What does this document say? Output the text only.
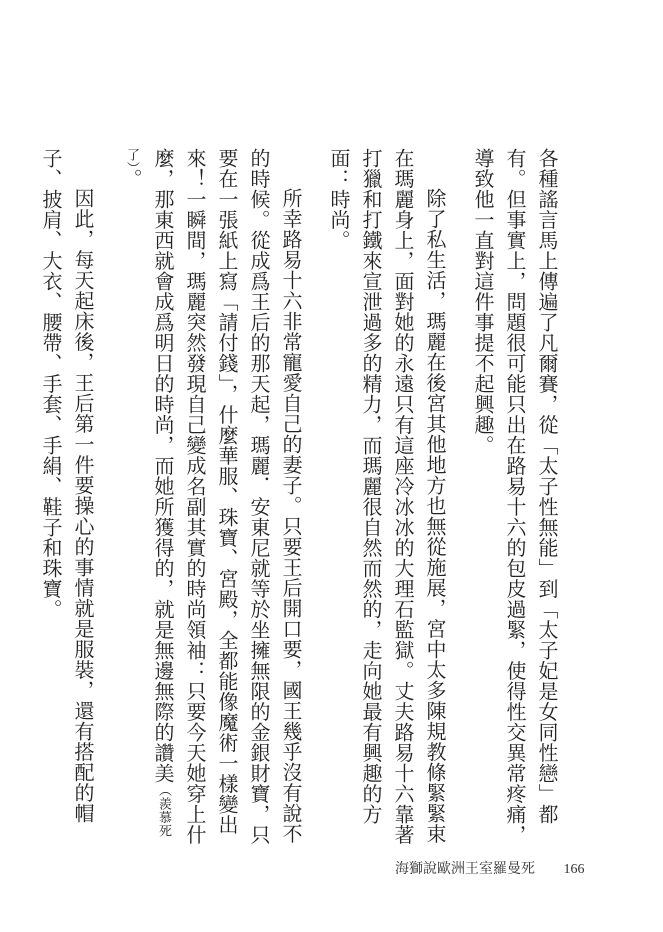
各種謠言馬上傳遍了凡爾賽，從「太子性無能」到「太子妃是女同性戀」都有。但事實上，問題很可能只出在路易十六的包皮過緊，使得性交異常疼痛，導致他一直對這件事提不起興趣。

除了私生活，瑪麗在後宮其他地方也無從施展，宮中太多陳規教條緊緊束在瑪麗身上，面對她的永遠只有這座冷冰冰的大理石監獄。丈夫路易十六靠著打獵和打鐵來宣泄過多的精力，而瑪麗很自然而然的，走向她最有興趣的方面：時尚。

所幸路易十六非常寵愛自己的妻子。只要王后開口要，國王幾乎沒有說不的時候。從成爲王后的那天起，瑪麗．安東尼就等於坐擁無限的金銀財寶，只要在一張紙上寫「請付錢」，什麼華服、珠寶、宮殿，全都能像魔術一樣變出來！一瞬間，瑪麗突然發現自己變成名副其實的時尚領袖：只要今天她穿上什麼，那東西就會成爲明日的時尚，而她所獲得的，就是無邊無際的讚美（羨慕死了）。

因此，每天起床後，王后第一件要操心的事情就是服裝，還有搭配的帽子、披肩、大衣、腰帶、手套、手絹、鞋子和珠寶。

海獅說歐洲王室羅曼死 166
